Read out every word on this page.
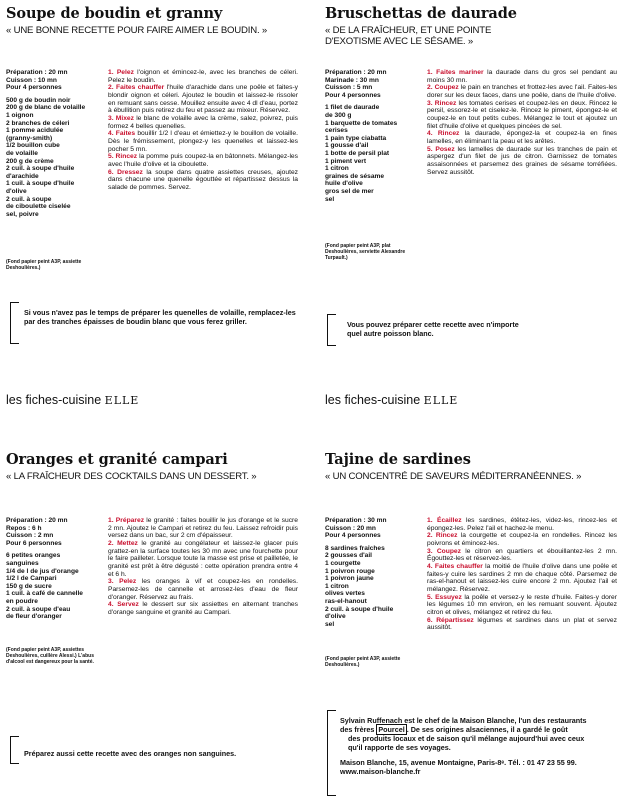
Soupe de boudin et granny
« UNE BONNE RECETTE POUR FAIRE AIMER LE BOUDIN. »
Préparation : 20 mn
Cuisson : 10 mn
Pour 4 personnes
500 g de boudin noir
200 g de blanc de volaille
1 oignon
2 branches de céleri
1 pomme acidulée
(granny-smith)
1/2 bouillon cube
de volaille
200 g de crème
2 cuil. à soupe d'huile
d'arachide
1 cuil. à soupe d'huile
d'olive
2 cuil. à soupe
de ciboulette ciselée
sel, poivre
(Fond papier peint A3P, assiette Deshoulières.)

1. Pelez l'oignon et émincez-le, avec les branches de céleri. Pelez le boudin.

2. Faites chauffer l'huile d'arachide dans une poêle et faites-y blondir oignon et céleri. Ajoutez le boudin et laissez-le rissoler en remuant sans cesse. Mouillez ensuite avec 4 dl d'eau, portez à ébullition puis retirez du feu et passez au mixeur. Réservez.

3. Mixez le blanc de volaille avec la crème, salez, poivrez, puis formez 4 belles quenelles.

4. Faites bouillir 1/2 l d'eau et émiettez-y le bouillon de volaille. Dès le frémissement, plongez-y les quenelles et laissez-les pocher 5 mn.

5. Rincez la pomme puis coupez-la en bâtonnets. Mélangez-les avec l'huile d'olive et la ciboulette.

6. Dressez la soupe dans quatre assiettes creuses, ajoutez dans chacune une quenelle égouttée et répartissez dessus la salade de pommes. Servez.

Si vous n'avez pas le temps de préparer les quenelles de volaille, remplacez-les par des tranches épaisses de boudin blanc que vous ferez griller.
Bruschettas de daurade
« DE LA FRAÎCHEUR, ET UNE POINTE D'EXOTISME AVEC LE SÉSAME. »
Préparation : 20 mn
Marinade : 30 mn
Cuisson : 5 mn
Pour 4 personnes
1 filet de daurade
de 300 g
1 barquette de tomates
cerises
1 pain type ciabatta
1 gousse d'ail
1 botte de persil plat
1 piment vert
1 citron
graines de sésame
huile d'olive
gros sel de mer
sel
(Fond papier peint A3P, plat Deshoulières, serviette Alexandre Turpault.)

1. Faites mariner la daurade dans du gros sel pendant au moins 30 mn.

2. Coupez le pain en tranches et frottez-les avec l'ail. Faites-les dorer sur les deux faces, dans une poêle, dans de l'huile d'olive.

3. Rincez les tomates cerises et coupez-les en deux. Rincez le persil, essorez-le et ciselez-le. Rincez le piment, épongez-le et coupez-le en tout petits cubes. Mélangez le tout et ajoutez un filet d'huile d'olive et quelques pincées de sel.

4. Rincez la daurade, épongez-la et coupez-la en fines lamelles, en éliminant la peau et les arêtes.

5. Posez les lamelles de daurade sur les tranches de pain et aspergez d'un filet de jus de citron. Garnissez de tomates assaisonnées et parsemez des graines de sésame torréfiées. Servez aussitôt.

Vous pouvez préparer cette recette avec n'importe quel autre poisson blanc.
les fiches-cuisine ELLE	les fiches-cuisine ELLE
Oranges et granité campari
« LA FRAÎCHEUR DES COCKTAILS DANS UN DESSERT. »
Préparation : 20 mn
Repos : 6 h
Cuisson : 2 mn
Pour 6 personnes
6 petites oranges
sanguines
1/4 de l de jus d'orange
1/2 l de Campari
150 g de sucre
1 cuil. à café de cannelle
en poudre
2 cuil. à soupe d'eau
de fleur d'oranger
(Fond papier peint A3P, assiettes Deshoulières, cuillère Alessi.) L'abus d'alcool est dangereux pour la santé.

1. Préparez le granité : faites bouillir le jus d'orange et le sucre 2 mn. Ajoutez le Campari et retirez du feu. Laissez refroidir puis versez dans un bac, sur 2 cm d'épaisseur.

2. Mettez le granité au congélateur et laissez-le glacer puis grattez-en la surface toutes les 30 mn avec une fourchette pour le faire pailleter. Lorsque toute la masse est prise et pailletée, le granité est prêt à être dégusté : cette opération prendra entre 4 et 6 h.

3. Pelez les oranges à vif et coupez-les en rondelles. Parsemez-les de cannelle et arrosez-les d'eau de fleur d'oranger. Réservez au frais.

4. Servez le dessert sur six assiettes en alternant tranches d'orange sanguine et granité au Campari.

Préparez aussi cette recette avec des oranges non sanguines.
Tajine de sardines
« UN CONCENTRÉ DE SAVEURS MÉDITERRANÉENNES. »
Préparation : 30 mn
Cuisson : 20 mn
Pour 4 personnes
8 sardines fraîches
2 gousses d'ail
1 courgette
1 poivron rouge
1 poivron jaune
1 citron
olives vertes
ras-el-hanout
2 cuil. à soupe d'huile
d'olive
sel
(Fond papier peint A3P, assiette Deshoulières.)

1. Écaillez les sardines, étêtez-les, videz-les, rincez-les et épongez-les. Pelez l'ail et hachez-le menu.

2. Rincez la courgette et coupez-la en rondelles. Rincez les poivrons et émincez-les.

3. Coupez le citron en quartiers et ébouillantez-les 2 mn. Égouttez-les et réservez-les.

4. Faites chauffer la moitié de l'huile d'olive dans une poêle et faites-y cuire les sardines 2 mn de chaque côté. Parsemez de ras-el-hanout et laissez-les cuire encore 2 mn. Ajoutez l'ail et mélangez. Réservez.

5. Essuyez la poêle et versez-y le reste d'huile. Faites-y dorer les légumes 10 mn environ, en les remuant souvent. Ajoutez citron et olives, mélangez et retirez du feu.

6. Répartissez légumes et sardines dans un plat et servez aussitôt.

Sylvain Ruffenach est le chef de la Maison Blanche, l'un des restaurants
des frères Pourcel . De ses origines alsaciennes, il a gardé le goût
des produits locaux et de saison qu'il mélange aujourd'hui avec ceux
qu'il rapporte de ses voyages.
Maison Blanche, 15, avenue Montaigne, Paris-8ᵉ. Tél. : 01 47 23 55 99.
www.maison-blanche.fr
